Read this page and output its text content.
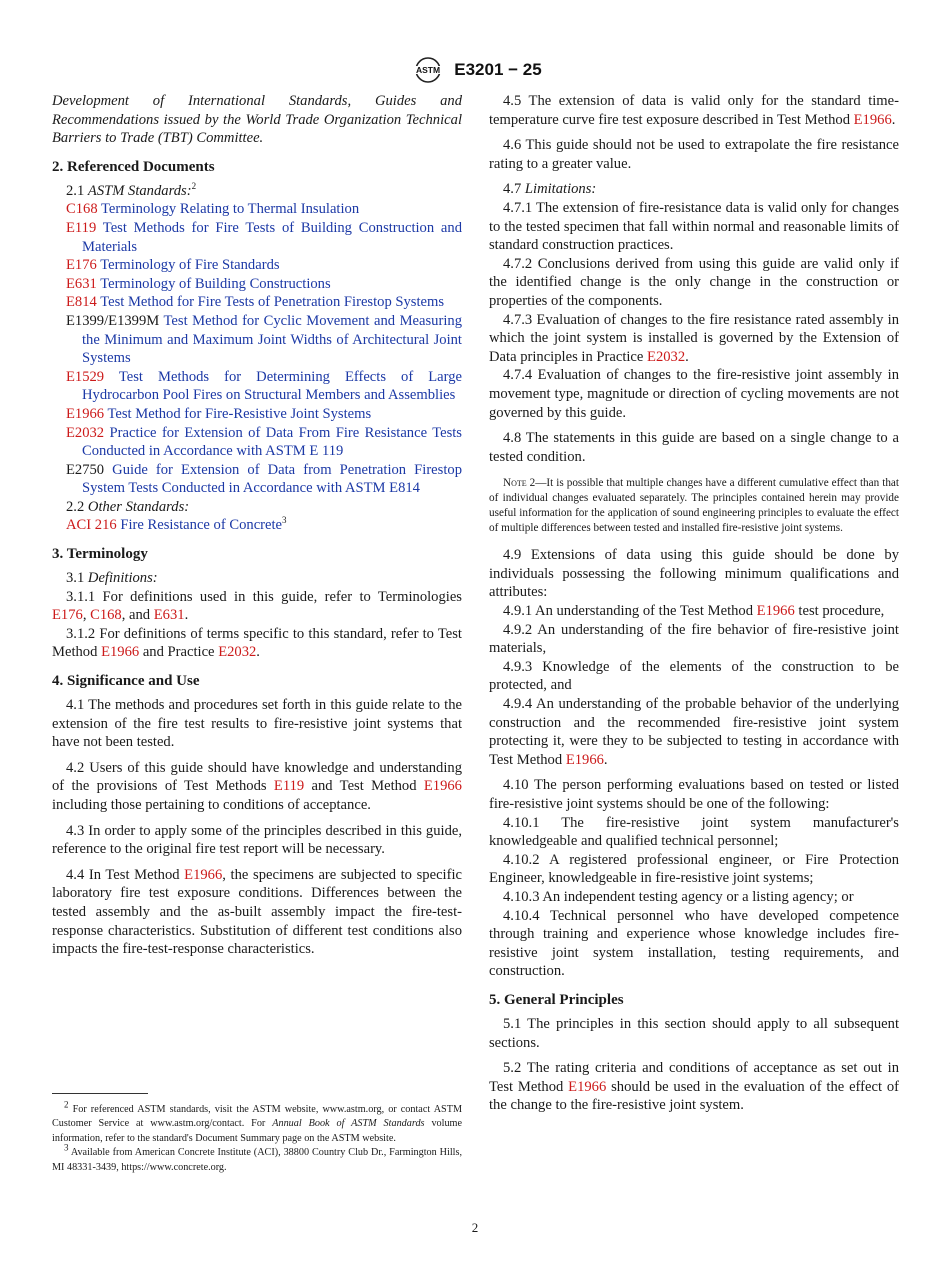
ASTM E3201 − 25

Development of International Standards, Guides and Recommendations issued by the World Trade Organization Technical Barriers to Trade (TBT) Committee.

2. Referenced Documents

2.1 ASTM Standards:$^2$

C168 Terminology Relating to Thermal Insulation

E119 Test Methods for Fire Tests of Building Construction and Materials

E176 Terminology of Fire Standards

E631 Terminology of Building Constructions

E814 Test Method for Fire Tests of Penetration Firestop Systems

E1399/E1399M Test Method for Cyclic Movement and Measuring the Minimum and Maximum Joint Widths of Architectural Joint Systems

E1529 Test Methods for Determining Effects of Large Hydrocarbon Pool Fires on Structural Members and Assemblies

E1966 Test Method for Fire-Resistive Joint Systems

E2032 Practice for Extension of Data From Fire Resistance Tests Conducted in Accordance with ASTM E 119

E2750 Guide for Extension of Data from Penetration Firestop System Tests Conducted in Accordance with ASTM E814

2.2 Other Standards:

ACI 216 Fire Resistance of Concrete$^3$

3. Terminology

3.1 Definitions:

3.1.1 For definitions used in this guide, refer to Terminologies E176, C168, and E631.

3.1.2 For definitions of terms specific to this standard, refer to Test Method E1966 and Practice E2032.

4. Significance and Use

4.1 The methods and procedures set forth in this guide relate to the extension of the fire test results to fire-resistive joint systems that have not been tested.

4.2 Users of this guide should have knowledge and understanding of the provisions of Test Methods E119 and Test Method E1966 including those pertaining to conditions of acceptance.

4.3 In order to apply some of the principles described in this guide, reference to the original fire test report will be necessary.

4.4 In Test Method E1966, the specimens are subjected to specific laboratory fire test exposure conditions. Differences between the tested assembly and the as-built assembly impact the fire-test-response characteristics. Substitution of different test conditions also impacts the fire-test-response characteristics.

$^2$ For referenced ASTM standards, visit the ASTM website, www.astm.org, or contact ASTM Customer Service at www.astm.org/contact. For Annual Book of ASTM Standards volume information, refer to the standard's Document Summary page on the ASTM website.

$^3$ Available from American Concrete Institute (ACI), 38800 Country Club Dr., Farmington Hills, MI 48331-3439, https://www.concrete.org.

4.5 The extension of data is valid only for the standard time-temperature curve fire test exposure described in Test Method E1966.

4.6 This guide should not be used to extrapolate the fire resistance rating to a greater value.

4.7 Limitations:

4.7.1 The extension of fire-resistance data is valid only for changes to the tested specimen that fall within normal and reasonable limits of standard construction practices.

4.7.2 Conclusions derived from using this guide are valid only if the identified change is the only change in the construction or properties of the components.

4.7.3 Evaluation of changes to the fire resistance rated assembly in which the joint system is installed is governed by the Extension of Data principles in Practice E2032.

4.7.4 Evaluation of changes to the fire-resistive joint assembly in movement type, magnitude or direction of cycling movements are not governed by this guide.

4.8 The statements in this guide are based on a single change to a tested condition.

Note 2—It is possible that multiple changes have a different cumulative effect than that of individual changes evaluated separately. The principles contained herein may provide useful information for the application of sound engineering principles to evaluate the effect of multiple differences between tested and installed fire-resistive joint systems.

4.9 Extensions of data using this guide should be done by individuals possessing the following minimum qualifications and attributes:

4.9.1 An understanding of the Test Method E1966 test procedure,

4.9.2 An understanding of the fire behavior of fire-resistive joint materials,

4.9.3 Knowledge of the elements of the construction to be protected, and

4.9.4 An understanding of the probable behavior of the underlying construction and the recommended fire-resistive joint system protecting it, were they to be subjected to testing in accordance with Test Method E1966.

4.10 The person performing evaluations based on tested or listed fire-resistive joint systems should be one of the following:

4.10.1 The fire-resistive joint system manufacturer's knowledgeable and qualified technical personnel;

4.10.2 A registered professional engineer, or Fire Protection Engineer, knowledgeable in fire-resistive joint systems;

4.10.3 An independent testing agency or a listing agency; or

4.10.4 Technical personnel who have developed competence through training and experience whose knowledge includes fire-resistive joint system installation, testing requirements, and construction.

5. General Principles

5.1 The principles in this section should apply to all subsequent sections.

5.2 The rating criteria and conditions of acceptance as set out in Test Method E1966 should be used in the evaluation of the effect of the change to the fire-resistive joint system.

2
